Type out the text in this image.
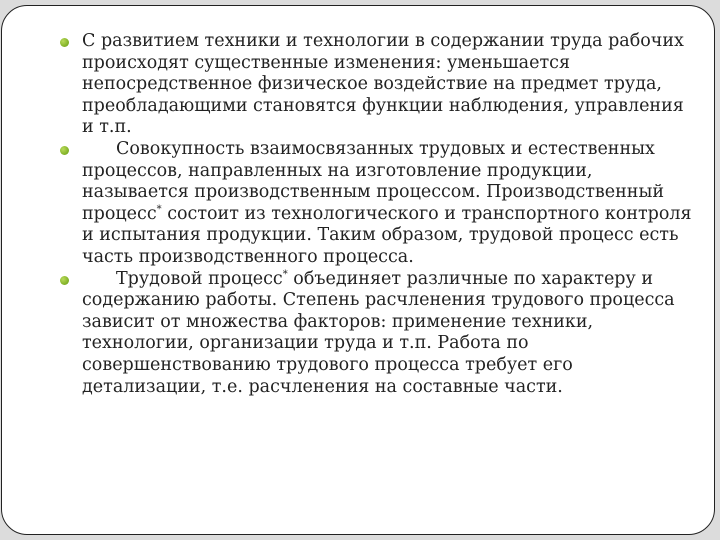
С развитием техники и технологии в содержании труда рабочих происходят существенные изменения: уменьшается непосредственное физическое воздействие на предмет труда, преобладающими становятся функции наблюдения, управления и т.п.

Совокупность взаимосвязанных трудовых и естественных процессов, направленных на изготовление продукции, называется производственным процессом. Производственный процесс* состоит из технологического и транспортного контроля и испытания продукции. Таким образом, трудовой процесс есть часть производственного процесса.

Трудовой процесс* объединяет различные по характеру и содержанию работы. Степень расчленения трудового процесса зависит от множества факторов: применение техники, технологии, организации труда и т.п. Работа по совершенствованию трудового процесса требует его детализации, т.е. расчленения на составные части.
